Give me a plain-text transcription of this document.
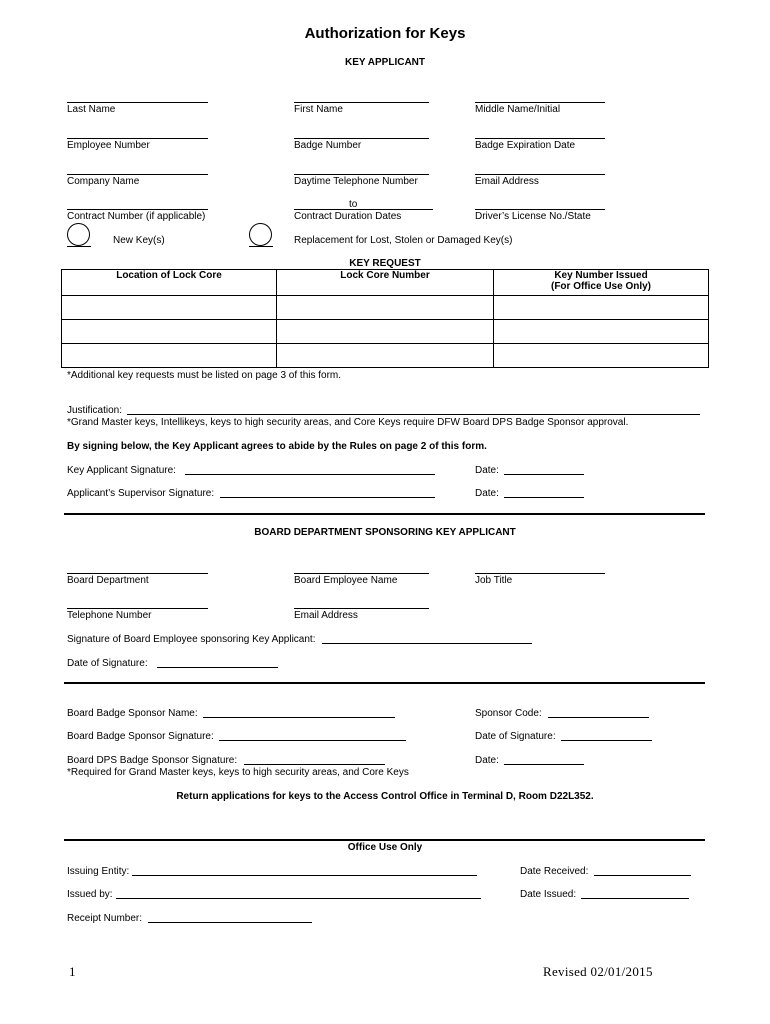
Authorization for Keys
KEY APPLICANT
Last Name	First Name	Middle Name/Initial
Employee Number	Badge Number	Badge Expiration Date
Company Name	Daytime Telephone Number	Email Address
to
Contract Number (if applicable)	Contract Duration Dates	Driver’s License No./State
New Key(s)	Replacement for Lost, Stolen or Damaged Key(s)
KEY REQUEST
Location of Lock Core	Lock Core Number	Key Number Issued
(For Office Use Only)

*Additional key requests must be listed on page 3 of this form.
Justification:
*Grand Master keys, Intellikeys, keys to high security areas, and Core Keys require DFW Board DPS Badge Sponsor approval.
By signing below, the Key Applicant agrees to abide by the Rules on page 2 of this form.
Key Applicant Signature:	Date:
Applicant’s Supervisor Signature:	Date:
BOARD DEPARTMENT SPONSORING KEY APPLICANT
Board Department	Board Employee Name	Job Title
Telephone Number	Email Address
Signature of Board Employee sponsoring Key Applicant:
Date of Signature:
Board Badge Sponsor Name:	Sponsor Code:
Board Badge Sponsor Signature:	Date of Signature:
Board DPS Badge Sponsor Signature:	Date:
*Required for Grand Master keys, keys to high security areas, and Core Keys
Return applications for keys to the Access Control Office in Terminal D, Room D22L352.
Office Use Only
Issuing Entity:	Date Received:
Issued by:	Date Issued:
Receipt Number:
1	Revised 02/01/2015
